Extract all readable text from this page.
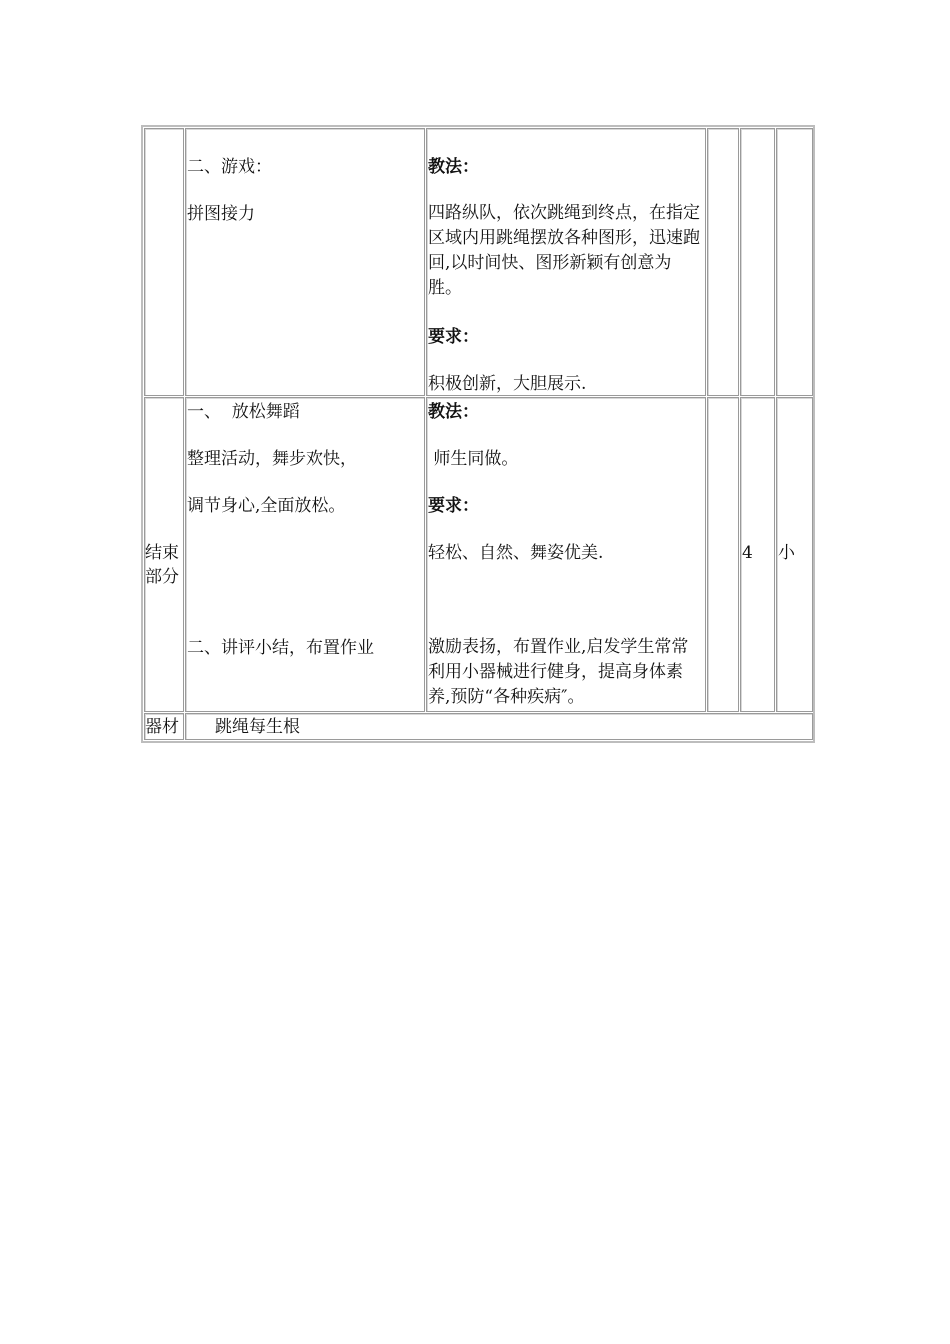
二、游戏：
拼图接力
教法：
四路纵队，依次跳绳到终点，在指定区域内用跳绳摆放各种图形，迅速跑回,以时间快、图形新颖有创意为胜。
要求：
积极创新，大胆展示.
结束
部分
一、  放松舞蹈
整理活动，舞步欢快，
调节身心,全面放松。
二、讲评小结，布置作业
教法：
师生同做。
要求：
轻松、自然、舞姿优美.
激励表扬，布置作业,启发学生常常利用小器械进行健身，提高身体素养,预防“各种疾病″。
4 小
器材 跳绳每生根
